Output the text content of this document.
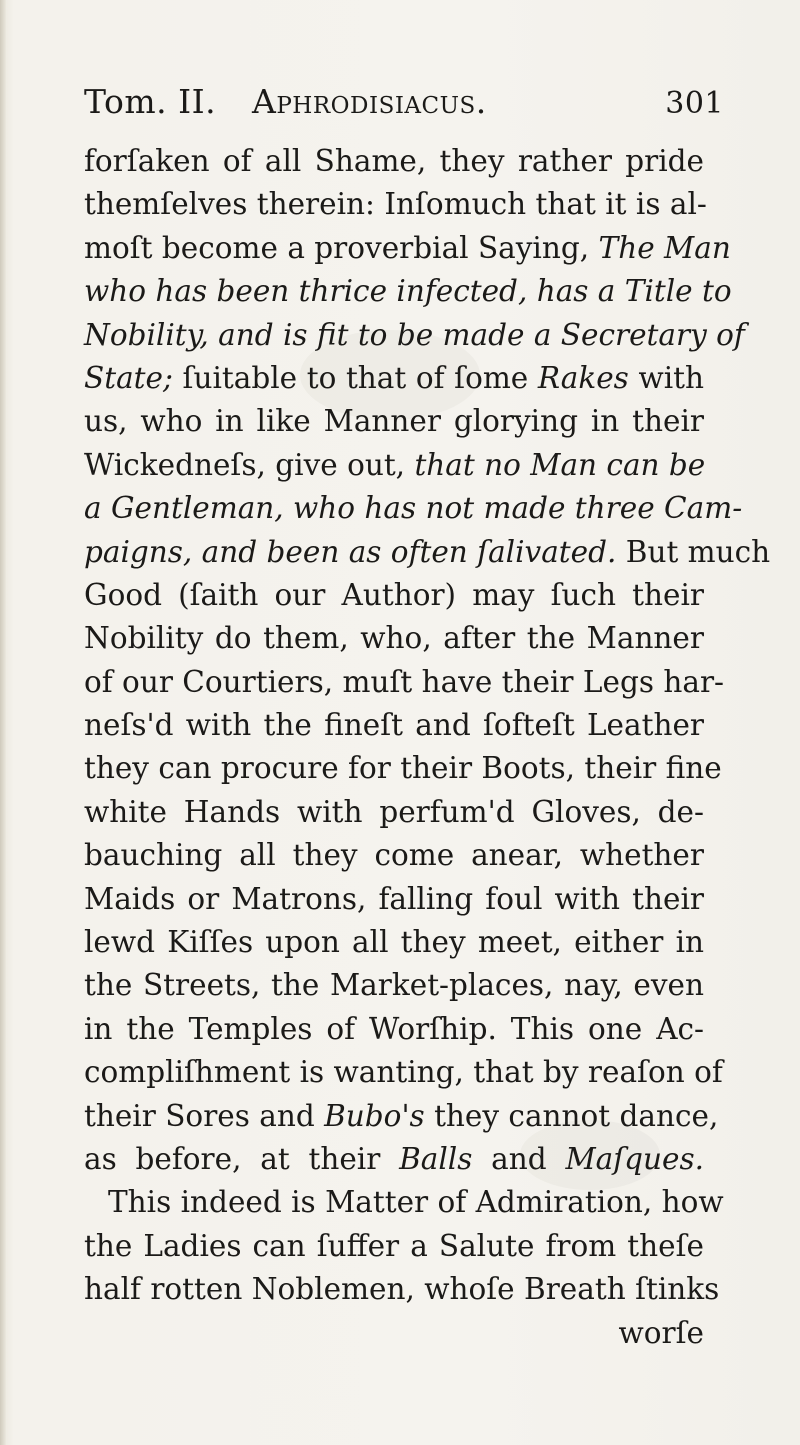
Tom. II. Aphrodisiacus.	301
forſaken of all Shame, they rather pride
themſelves therein: Inſomuch that it is al-
moſt become a proverbial Saying, The Man
who has been thrice infected, has a Title to
Nobility, and is fit to be made a Secretary of
State; ſuitable to that of ſome Rakes with
us, who in like Manner glorying in their
Wickedneſs, give out, that no Man can be
a Gentleman, who has not made three Cam-
paigns, and been as often ſalivated. But much
Good (ſaith our Author) may ſuch their
Nobility do them, who, after the Manner
of our Courtiers, muſt have their Legs har-
neſs'd with the fineſt and ſofteſt Leather
they can procure for their Boots, their fine
white Hands with perfum'd Gloves, de-
bauching all they come anear, whether
Maids or Matrons, falling foul with their
lewd Kiſſes upon all they meet, either in
the Streets, the Market-places, nay, even
in the Temples of Worſhip. This one Ac-
compliſhment is wanting, that by reaſon of
their Sores and Bubo's they cannot dance,
as before, at their Balls and Maſques.
This indeed is Matter of Admiration, how
the Ladies can ſuffer a Salute from theſe
half rotten Noblemen, whoſe Breath ſtinks
worſe
